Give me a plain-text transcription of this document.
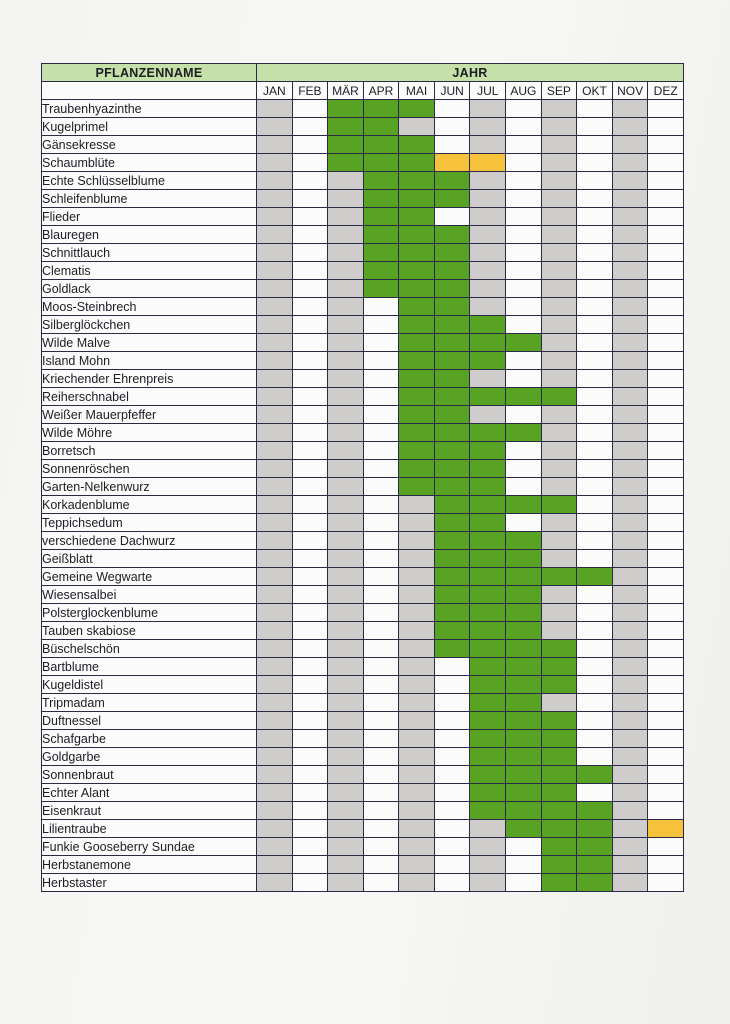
PFLANZENNAME	JAHR											
	JAN	FEB	MÄR	APR	MAI	JUN	JUL	AUG	SEP	OKT	NOV	DEZ
Traubenhyazinthe												
Kugelprimel												
Gänsekresse												
Schaumblüte												
Echte Schlüsselblume												
Schleifenblume												
Flieder												
Blauregen												
Schnittlauch												
Clematis												
Goldlack												
Moos-Steinbrech												
Silberglöckchen												
Wilde Malve												
Island Mohn												
Kriechender Ehrenpreis												
Reiherschnabel												
Weißer Mauerpfeffer												
Wilde Möhre												
Borretsch												
Sonnenröschen												
Garten-Nelkenwurz												
Korkadenblume												
Teppichsedum												
verschiedene Dachwurz												
Geißblatt												
Gemeine Wegwarte												
Wiesensalbei												
Polsterglockenblume												
Tauben skabiose												
Büschelschön												
Bartblume												
Kugeldistel												
Tripmadam												
Duftnessel												
Schafgarbe												
Goldgarbe												
Sonnenbraut												
Echter Alant												
Eisenkraut												
Lilientraube												
Funkie Gooseberry Sundae												
Herbstanemone												
Herbstaster												
